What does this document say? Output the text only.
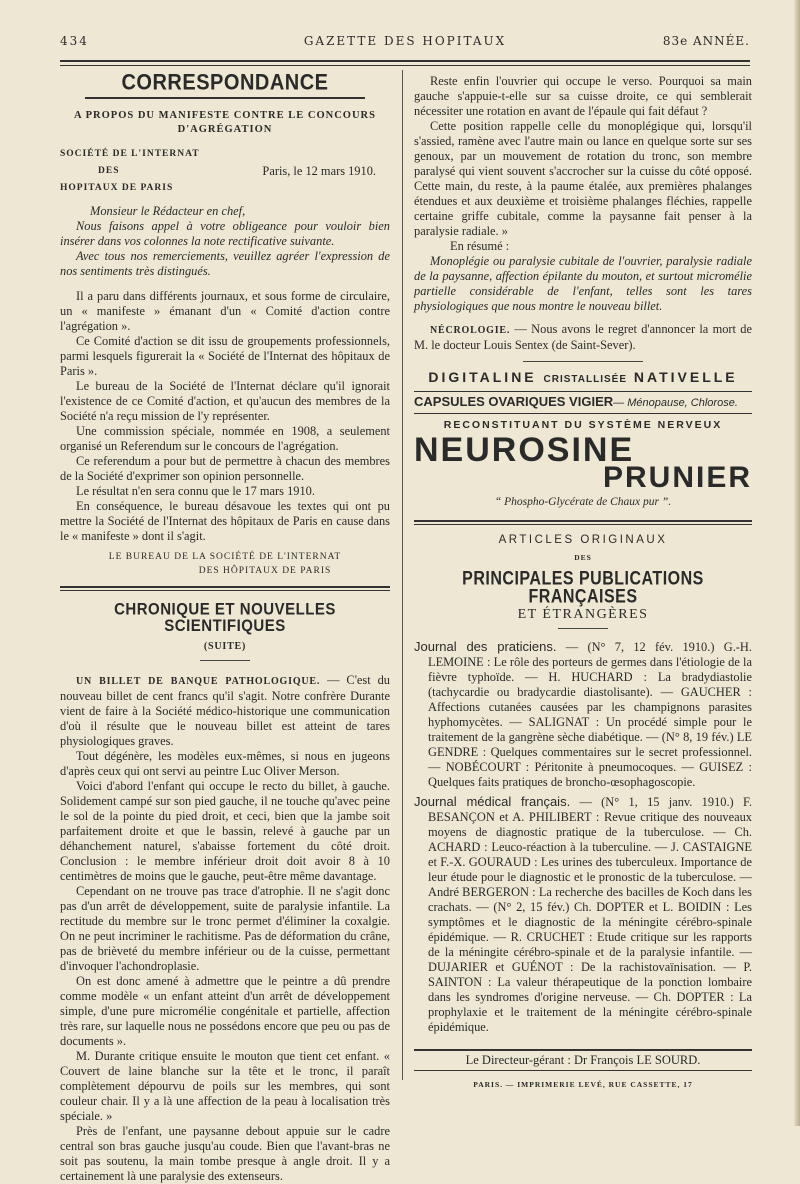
434	GAZETTE DES HOPITAUX	83e ANNÉE.
CORRESPONDANCE
A PROPOS DU MANIFESTE CONTRE LE CONCOURS D'AGRÉGATION
SOCIÉTÉ DE L'INTERNAT
DES	Paris, le 12 mars 1910.
HOPITAUX DE PARIS

Monsieur le Rédacteur en chef,

Nous faisons appel à votre obligeance pour vouloir bien insérer dans vos colonnes la note rectificative suivante.

Avec tous nos remerciements, veuillez agréer l'expression de nos sentiments très distingués.

Il a paru dans différents journaux, et sous forme de circulaire, un « manifeste » émanant d'un « Comité d'action contre l'agrégation ».

Ce Comité d'action se dit issu de groupements professionnels, parmi lesquels figurerait la « Société de l'Internat des hôpitaux de Paris ».

Le bureau de la Société de l'Internat déclare qu'il ignorait l'existence de ce Comité d'action, et qu'aucun des membres de la Société n'a reçu mission de l'y représenter.

Une commission spéciale, nommée en 1908, a seulement organisé un Referendum sur le concours de l'agrégation.

Ce referendum a pour but de permettre à chacun des membres de la Société d'exprimer son opinion personnelle.

Le résultat n'en sera connu que le 17 mars 1910.

En conséquence, le bureau désavoue les textes qui ont pu mettre la Société de l'Internat des hôpitaux de Paris en cause dans le « manifeste » dont il s'agit.

LE BUREAU DE LA SOCIÉTÉ DE L'INTERNAT
DES HÔPITAUX DE PARIS
CHRONIQUE ET NOUVELLES SCIENTIFIQUES
(SUITE)

UN BILLET DE BANQUE PATHOLOGIQUE. — C'est du nouveau billet de cent francs qu'il s'agit. Notre confrère Durante vient de faire à la Société médico-historique une communication d'où il résulte que le nouveau billet est atteint de tares physiologiques graves.

Tout dégénère, les modèles eux-mêmes, si nous en jugeons d'après ceux qui ont servi au peintre Luc Oliver Merson.

Voici d'abord l'enfant qui occupe le recto du billet, à gauche. Solidement campé sur son pied gauche, il ne touche qu'avec peine le sol de la pointe du pied droit, et ceci, bien que la jambe soit parfaitement droite et que le bassin, relevé à gauche par un déhanchement naturel, s'abaisse fortement du côté droit. Conclusion : le membre inférieur droit doit avoir 8 à 10 centimètres de moins que le gauche, peut-être même davantage.

Cependant on ne trouve pas trace d'atrophie. Il ne s'agit donc pas d'un arrêt de développement, suite de paralysie infantile. La rectitude du membre sur le tronc permet d'éliminer la coxalgie. On ne peut incriminer le rachitisme. Pas de déformation du crâne, pas de brièveté du membre inférieur ou de la cuisse, permettant d'invoquer l'achondroplasie.

On est donc amené à admettre que le peintre a dû prendre comme modèle « un enfant atteint d'un arrêt de développement simple, d'une pure micromélie congénitale et partielle, affection très rare, sur laquelle nous ne possédons encore que peu ou pas de documents ».

M. Durante critique ensuite le mouton que tient cet enfant. « Couvert de laine blanche sur la tête et le tronc, il paraît complètement dépourvu de poils sur les membres, qui sont couleur chair. Il y a là une affection de la peau à localisation très spéciale. »

Près de l'enfant, une paysanne debout appuie sur le cadre central son bras gauche jusqu'au coude. Bien que l'avant-bras ne soit pas soutenu, la main tombe presque à angle droit. Il y a certainement là une paralysie des extenseurs.

Reste enfin l'ouvrier qui occupe le verso. Pourquoi sa main gauche s'appuie-t-elle sur sa cuisse droite, ce qui semblerait nécessiter une rotation en avant de l'épaule qui fait défaut ?

Cette position rappelle celle du monoplégique qui, lorsqu'il s'assied, ramène avec l'autre main ou lance en quelque sorte sur ses genoux, par un mouvement de rotation du tronc, son membre paralysé qui vient souvent s'accrocher sur la cuisse du côté opposé. Cette main, du reste, à la paume étalée, aux premières phalanges étendues et aux deuxième et troisième phalanges fléchies, rappelle certaine griffe cubitale, comme la paysanne fait penser à la paralysie radiale. »

En résumé :

Monoplégie ou paralysie cubitale de l'ouvrier, paralysie radiale de la paysanne, affection épilante du mouton, et surtout micromélie partielle considérable de l'enfant, telles sont les tares physiologiques que nous montre le nouveau billet.

NÉCROLOGIE. — Nous avons le regret d'annoncer la mort de M. le docteur Louis Sentex (de Saint-Sever).

DIGITALINE CRISTALLISÉE NATIVELLE
CAPSULES OVARIQUES VIGIER— Ménopause, Chlorose.
RECONSTITUANT DU SYSTÈME NERVEUX
NEUROSINE
PRUNIER
“ Phospho-Glycérate de Chaux pur ”.
ARTICLES ORIGINAUX
DES
PRINCIPALES PUBLICATIONS FRANÇAISES
ET ÉTRANGÈRES

Journal des praticiens. — (N° 7, 12 fév. 1910.) G.-H. LEMOINE : Le rôle des porteurs de germes dans l'étiologie de la fièvre typhoïde. — H. HUCHARD : La bradydiastolie (tachycardie ou bradycardie diastolisante). — GAUCHER : Affections cutanées causées par les champignons parasites hyphomycètes. — SALIGNAT : Un procédé simple pour le traitement de la gangrène sèche diabétique. — (N° 8, 19 fév.) LE GENDRE : Quelques commentaires sur le secret professionnel. — NOBÉCOURT : Péritonite à pneumocoques. — GUISEZ : Quelques faits pratiques de broncho-œsophagoscopie.

Journal médical français. — (N° 1, 15 janv. 1910.) F. BESANÇON et A. PHILIBERT : Revue critique des nouveaux moyens de diagnostic pratique de la tuberculose. — Ch. ACHARD : Leuco-réaction à la tuberculine. — J. CASTAIGNE et F.-X. GOURAUD : Les urines des tuberculeux. Importance de leur étude pour le diagnostic et le pronostic de la tuberculose. — André BERGERON : La recherche des bacilles de Koch dans les crachats. — (N° 2, 15 fév.) Ch. DOPTER et L. BOIDIN : Les symptômes et le diagnostic de la méningite cérébro-spinale épidémique. — R. CRUCHET : Etude critique sur les rapports de la méningite cérébro-spinale et de la paralysie infantile. — DUJARIER et GUÉNOT : De la rachistovaïnisation. — P. SAINTON : La valeur thérapeutique de la ponction lombaire dans les syndromes d'origine nerveuse. — Ch. DOPTER : La prophylaxie et le traitement de la méningite cérébro-spinale épidémique.

Le Directeur-gérant : Dr François LE SOURD.
PARIS. — IMPRIMERIE LEVÉ, RUE CASSETTE, 17
